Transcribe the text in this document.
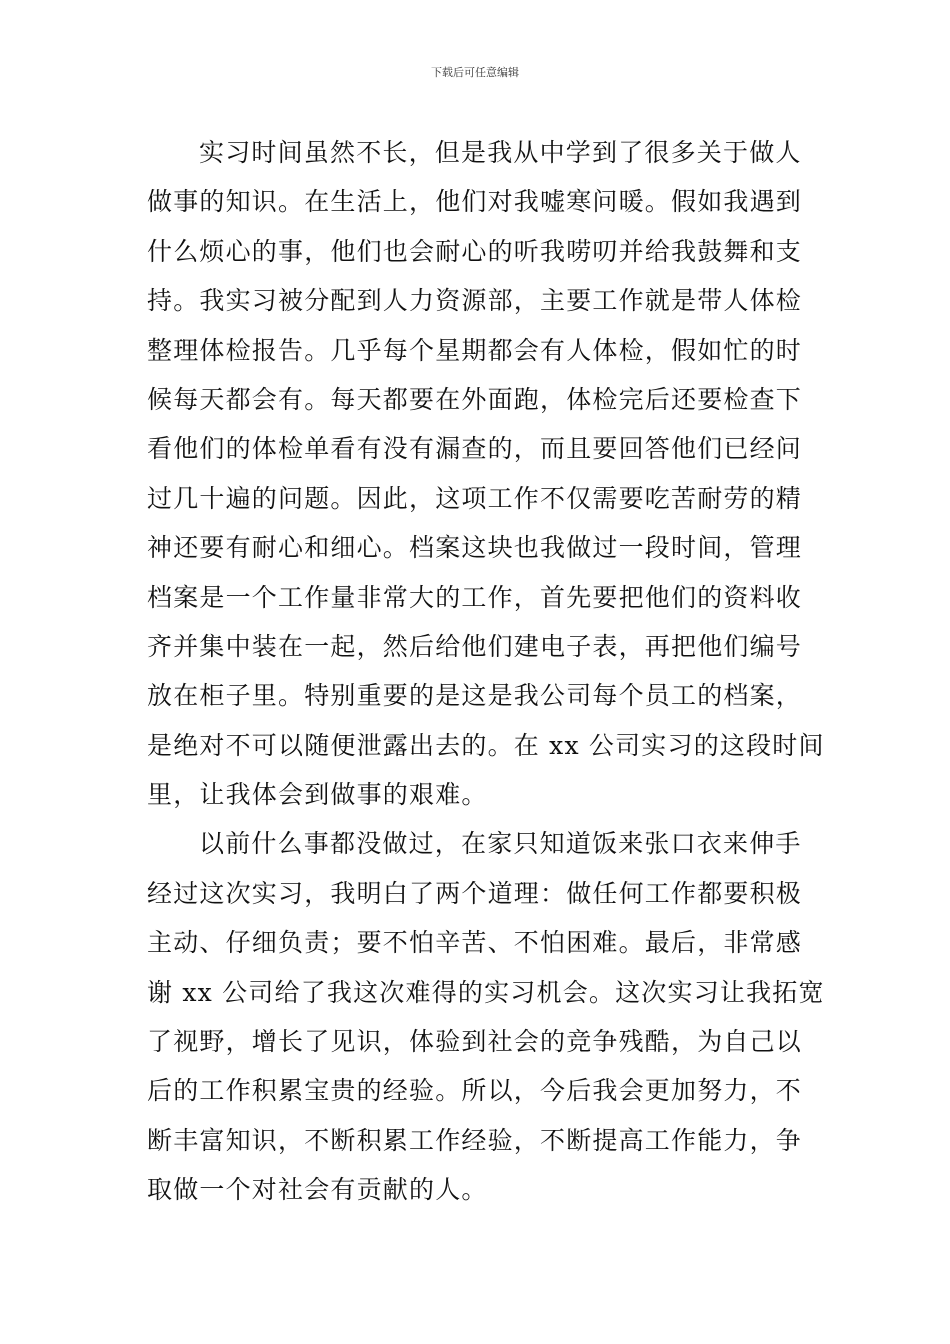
下载后可任意编辑
实习时间虽然不长，但是我从中学到了很多关于做人
做事的知识。在生活上，他们对我嘘寒问暖。假如我遇到
什么烦心的事，他们也会耐心的听我唠叨并给我鼓舞和支
持。我实习被分配到人力资源部，主要工作就是带人体检
整理体检报告。几乎每个星期都会有人体检，假如忙的时
候每天都会有。每天都要在外面跑，体检完后还要检查下
看他们的体检单看有没有漏查的，而且要回答他们已经问
过几十遍的问题。因此，这项工作不仅需要吃苦耐劳的精
神还要有耐心和细心。档案这块也我做过一段时间，管理
档案是一个工作量非常大的工作，首先要把他们的资料收
齐并集中装在一起，然后给他们建电子表，再把他们编号
放在柜子里。特别重要的是这是我公司每个员工的档案，
是绝对不可以随便泄露出去的。在 xx 公司实习的这段时间
里，让我体会到做事的艰难。
以前什么事都没做过，在家只知道饭来张口衣来伸手
经过这次实习，我明白了两个道理：做任何工作都要积极
主动、仔细负责；要不怕辛苦、不怕困难。最后，非常感
谢 xx 公司给了我这次难得的实习机会。这次实习让我拓宽
了视野，增长了见识，体验到社会的竞争残酷，为自己以
后的工作积累宝贵的经验。所以，今后我会更加努力，不
断丰富知识，不断积累工作经验，不断提高工作能力，争
取做一个对社会有贡献的人。
